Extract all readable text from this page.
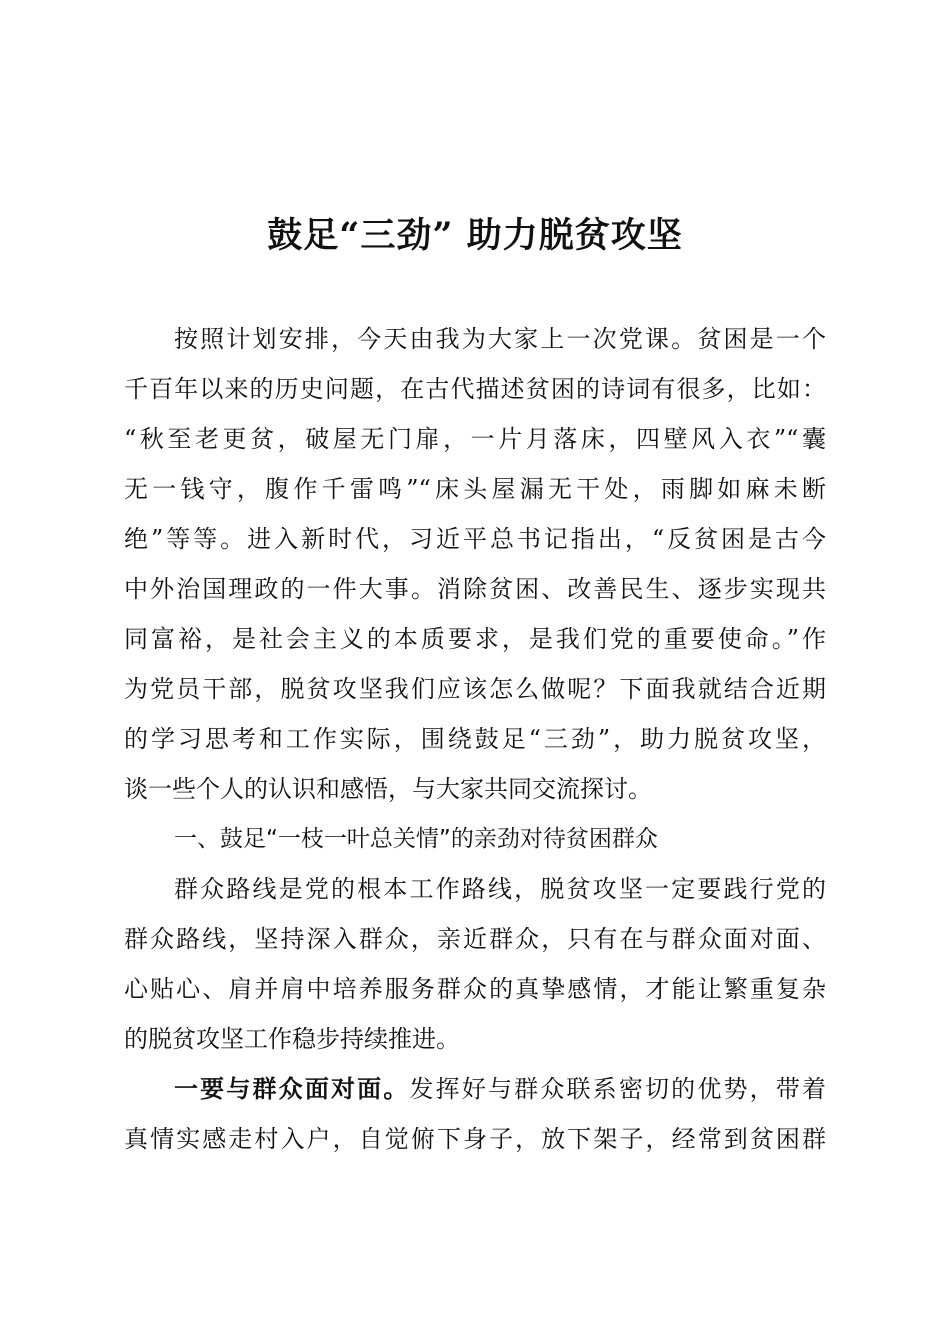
鼓足“三劲” 助力脱贫攻坚
按照计划安排，今天由我为大家上一次党课。贫困是一个
千百年以来的历史问题，在古代描述贫困的诗词有很多，比如：
“秋至老更贫，破屋无门扉，一片月落床，四壁风入衣”“囊
无一钱守，腹作千雷鸣”“床头屋漏无干处，雨脚如麻未断
绝”等等。进入新时代，习近平总书记指出，“反贫困是古今
中外治国理政的一件大事。消除贫困、改善民生、逐步实现共
同富裕，是社会主义的本质要求，是我们党的重要使命。”作
为党员干部，脱贫攻坚我们应该怎么做呢？下面我就结合近期
的学习思考和工作实际，围绕鼓足“三劲”，助力脱贫攻坚，
谈一些个人的认识和感悟，与大家共同交流探讨。
一、鼓足“一枝一叶总关情”的亲劲对待贫困群众
群众路线是党的根本工作路线，脱贫攻坚一定要践行党的
群众路线，坚持深入群众，亲近群众，只有在与群众面对面、
心贴心、肩并肩中培养服务群众的真挚感情，才能让繁重复杂
的脱贫攻坚工作稳步持续推进。
一要与群众面对面。发挥好与群众联系密切的优势，带着
真情实感走村入户，自觉俯下身子，放下架子，经常到贫困群
